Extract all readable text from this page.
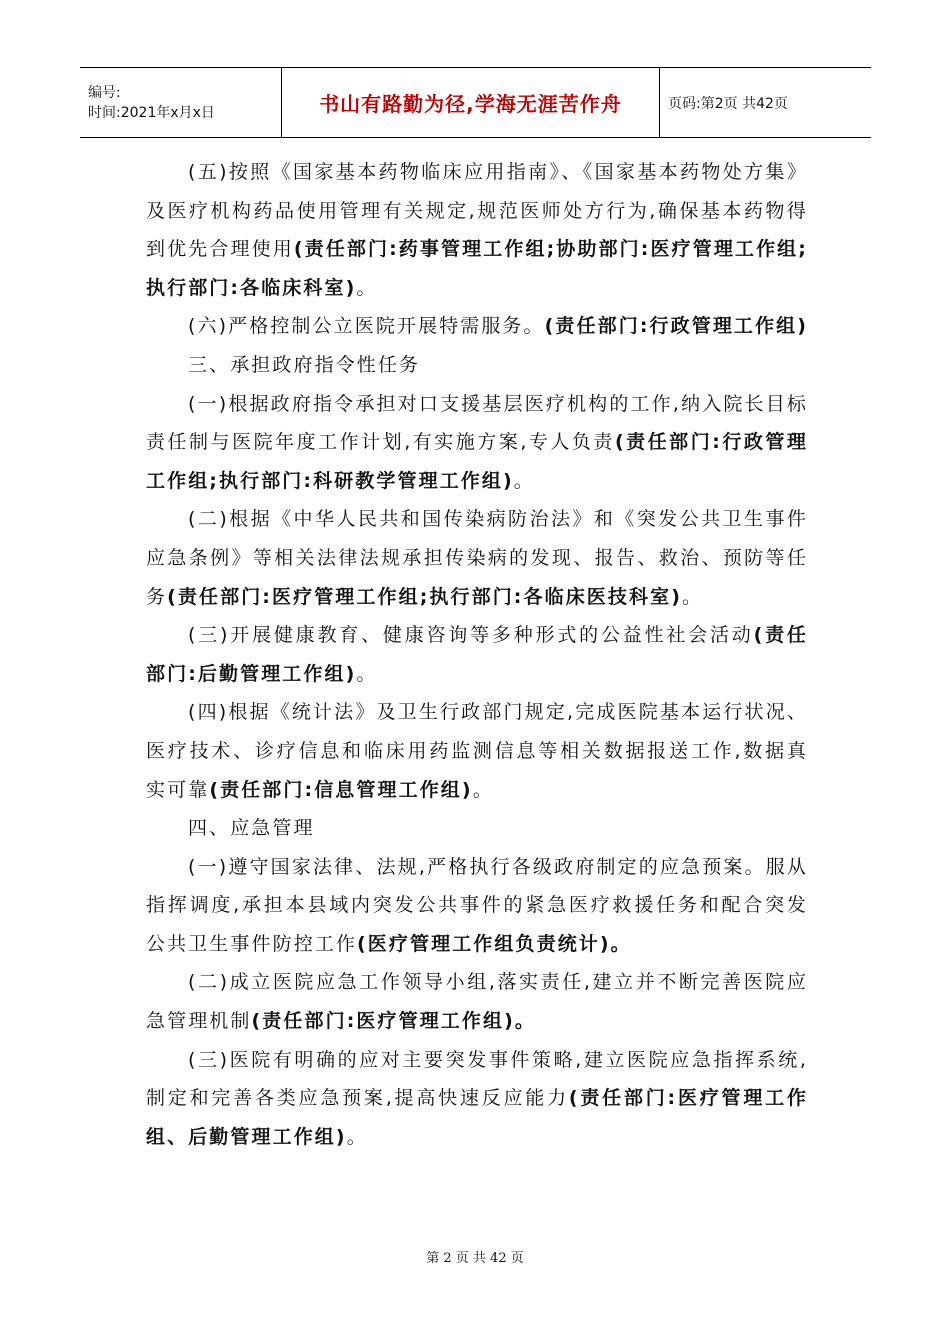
编号:
时间:2021年x月x日	书山有路勤为径,学海无涯苦作舟	页码:第2页 共42页

(五)按照《国家基本药物临床应用指南》、《国家基本药物处方集》及医疗机构药品使用管理有关规定,规范医师处方行为,确保基本药物得到优先合理使用(责任部门:药事管理工作组;协助部门:医疗管理工作组;执行部门:各临床科室)。

(六)严格控制公立医院开展特需服务。(责任部门:行政管理工作组)

三、承担政府指令性任务

(一)根据政府指令承担对口支援基层医疗机构的工作,纳入院长目标责任制与医院年度工作计划,有实施方案,专人负责(责任部门:行政管理工作组;执行部门:科研教学管理工作组)。

(二)根据《中华人民共和国传染病防治法》和《突发公共卫生事件应急条例》等相关法律法规承担传染病的发现、报告、救治、预防等任务(责任部门:医疗管理工作组;执行部门:各临床医技科室)。

(三)开展健康教育、健康咨询等多种形式的公益性社会活动(责任部门:后勤管理工作组)。

(四)根据《统计法》及卫生行政部门规定,完成医院基本运行状况、医疗技术、诊疗信息和临床用药监测信息等相关数据报送工作,数据真实可靠(责任部门:信息管理工作组)。

四、应急管理

(一)遵守国家法律、法规,严格执行各级政府制定的应急预案。服从指挥调度,承担本县域内突发公共事件的紧急医疗救援任务和配合突发公共卫生事件防控工作(医疗管理工作组负责统计)。

(二)成立医院应急工作领导小组,落实责任,建立并不断完善医院应急管理机制(责任部门:医疗管理工作组)。

(三)医院有明确的应对主要突发事件策略,建立医院应急指挥系统,制定和完善各类应急预案,提高快速反应能力(责任部门:医疗管理工作组、后勤管理工作组)。

第 2 页 共 42 页
